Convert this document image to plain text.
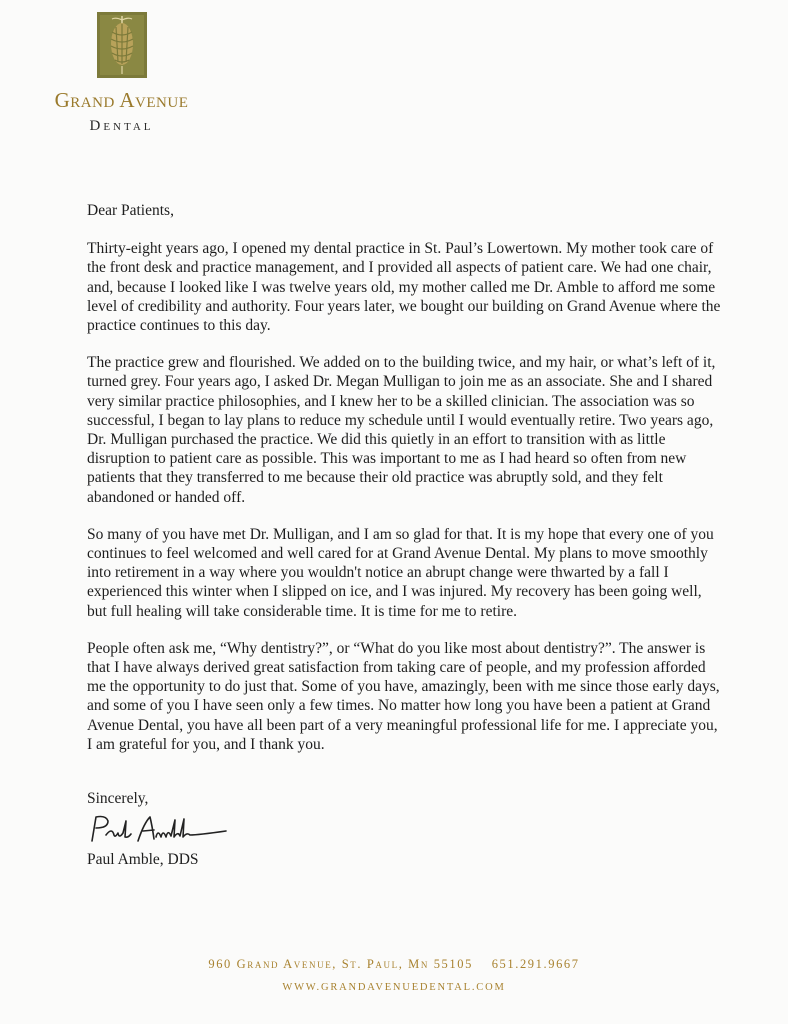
Grand Avenue
Dental

Dear Patients,

Thirty-eight years ago, I opened my dental practice in St. Paul’s Lowertown. My mother took care of the front desk and practice management, and I provided all aspects of patient care. We had one chair, and, because I looked like I was twelve years old, my mother called me Dr. Amble to afford me some level of credibility and authority. Four years later, we bought our building on Grand Avenue where the practice continues to this day.

The practice grew and flourished. We added on to the building twice, and my hair, or what’s left of it, turned grey. Four years ago, I asked Dr. Megan Mulligan to join me as an associate. She and I shared very similar practice philosophies, and I knew her to be a skilled clinician. The association was so successful, I began to lay plans to reduce my schedule until I would eventually retire. Two years ago, Dr. Mulligan purchased the practice. We did this quietly in an effort to transition with as little disruption to patient care as possible. This was important to me as I had heard so often from new patients that they transferred to me because their old practice was abruptly sold, and they felt abandoned or handed off.

So many of you have met Dr. Mulligan, and I am so glad for that. It is my hope that every one of you continues to feel welcomed and well cared for at Grand Avenue Dental. My plans to move smoothly into retirement in a way where you wouldn't notice an abrupt change were thwarted by a fall I experienced this winter when I slipped on ice, and I was injured. My recovery has been going well, but full healing will take considerable time. It is time for me to retire.

People often ask me, “Why dentistry?”, or “What do you like most about dentistry?”. The answer is that I have always derived great satisfaction from taking care of people, and my profession afforded me the opportunity to do just that. Some of you have, amazingly, been with me since those early days, and some of you I have seen only a few times. No matter how long you have been a patient at Grand Avenue Dental, you have all been part of a very meaningful professional life for me. I appreciate you, I am grateful for you, and I thank you.

Sincerely,
Paul Amble, DDS
960 Grand Avenue, St. Paul, Mn 55105 651.291.9667
WWW.GRANDAVENUEDENTAL.COM
